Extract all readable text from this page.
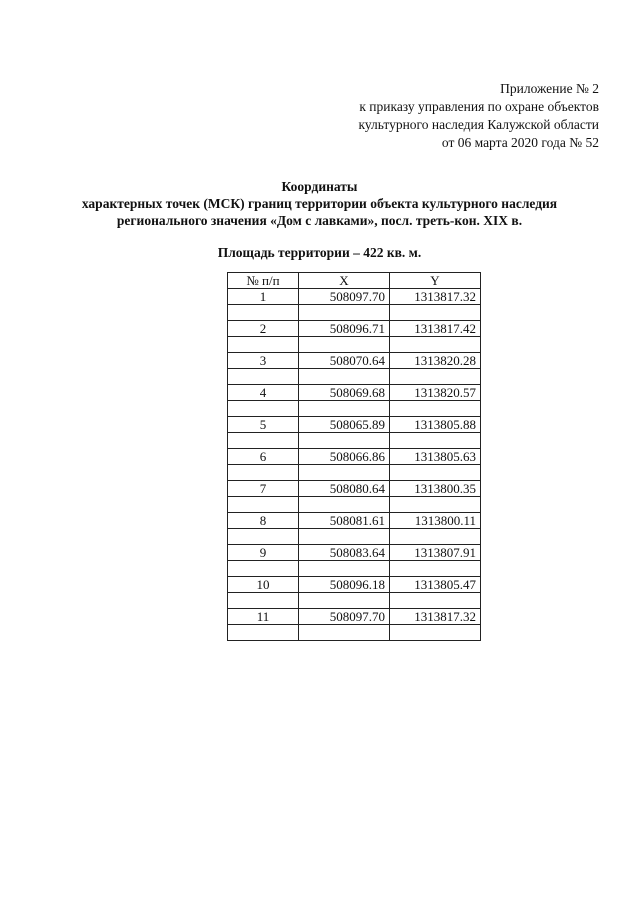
Приложение № 2
к приказу управления по охране объектов
культурного наследия Калужской области
от 06 марта 2020 года № 52
Координаты
характерных точек (МСК) границ территории объекта культурного наследия
регионального значения «Дом с лавками», посл. треть-кон. XIX в.
Площадь территории – 422 кв. м.
№ п/п	X	Y
1	508097.70	1313817.32

2	508096.71	1313817.42

3	508070.64	1313820.28

4	508069.68	1313820.57

5	508065.89	1313805.88

6	508066.86	1313805.63

7	508080.64	1313800.35

8	508081.61	1313800.11

9	508083.64	1313807.91

10	508096.18	1313805.47

11	508097.70	1313817.32
